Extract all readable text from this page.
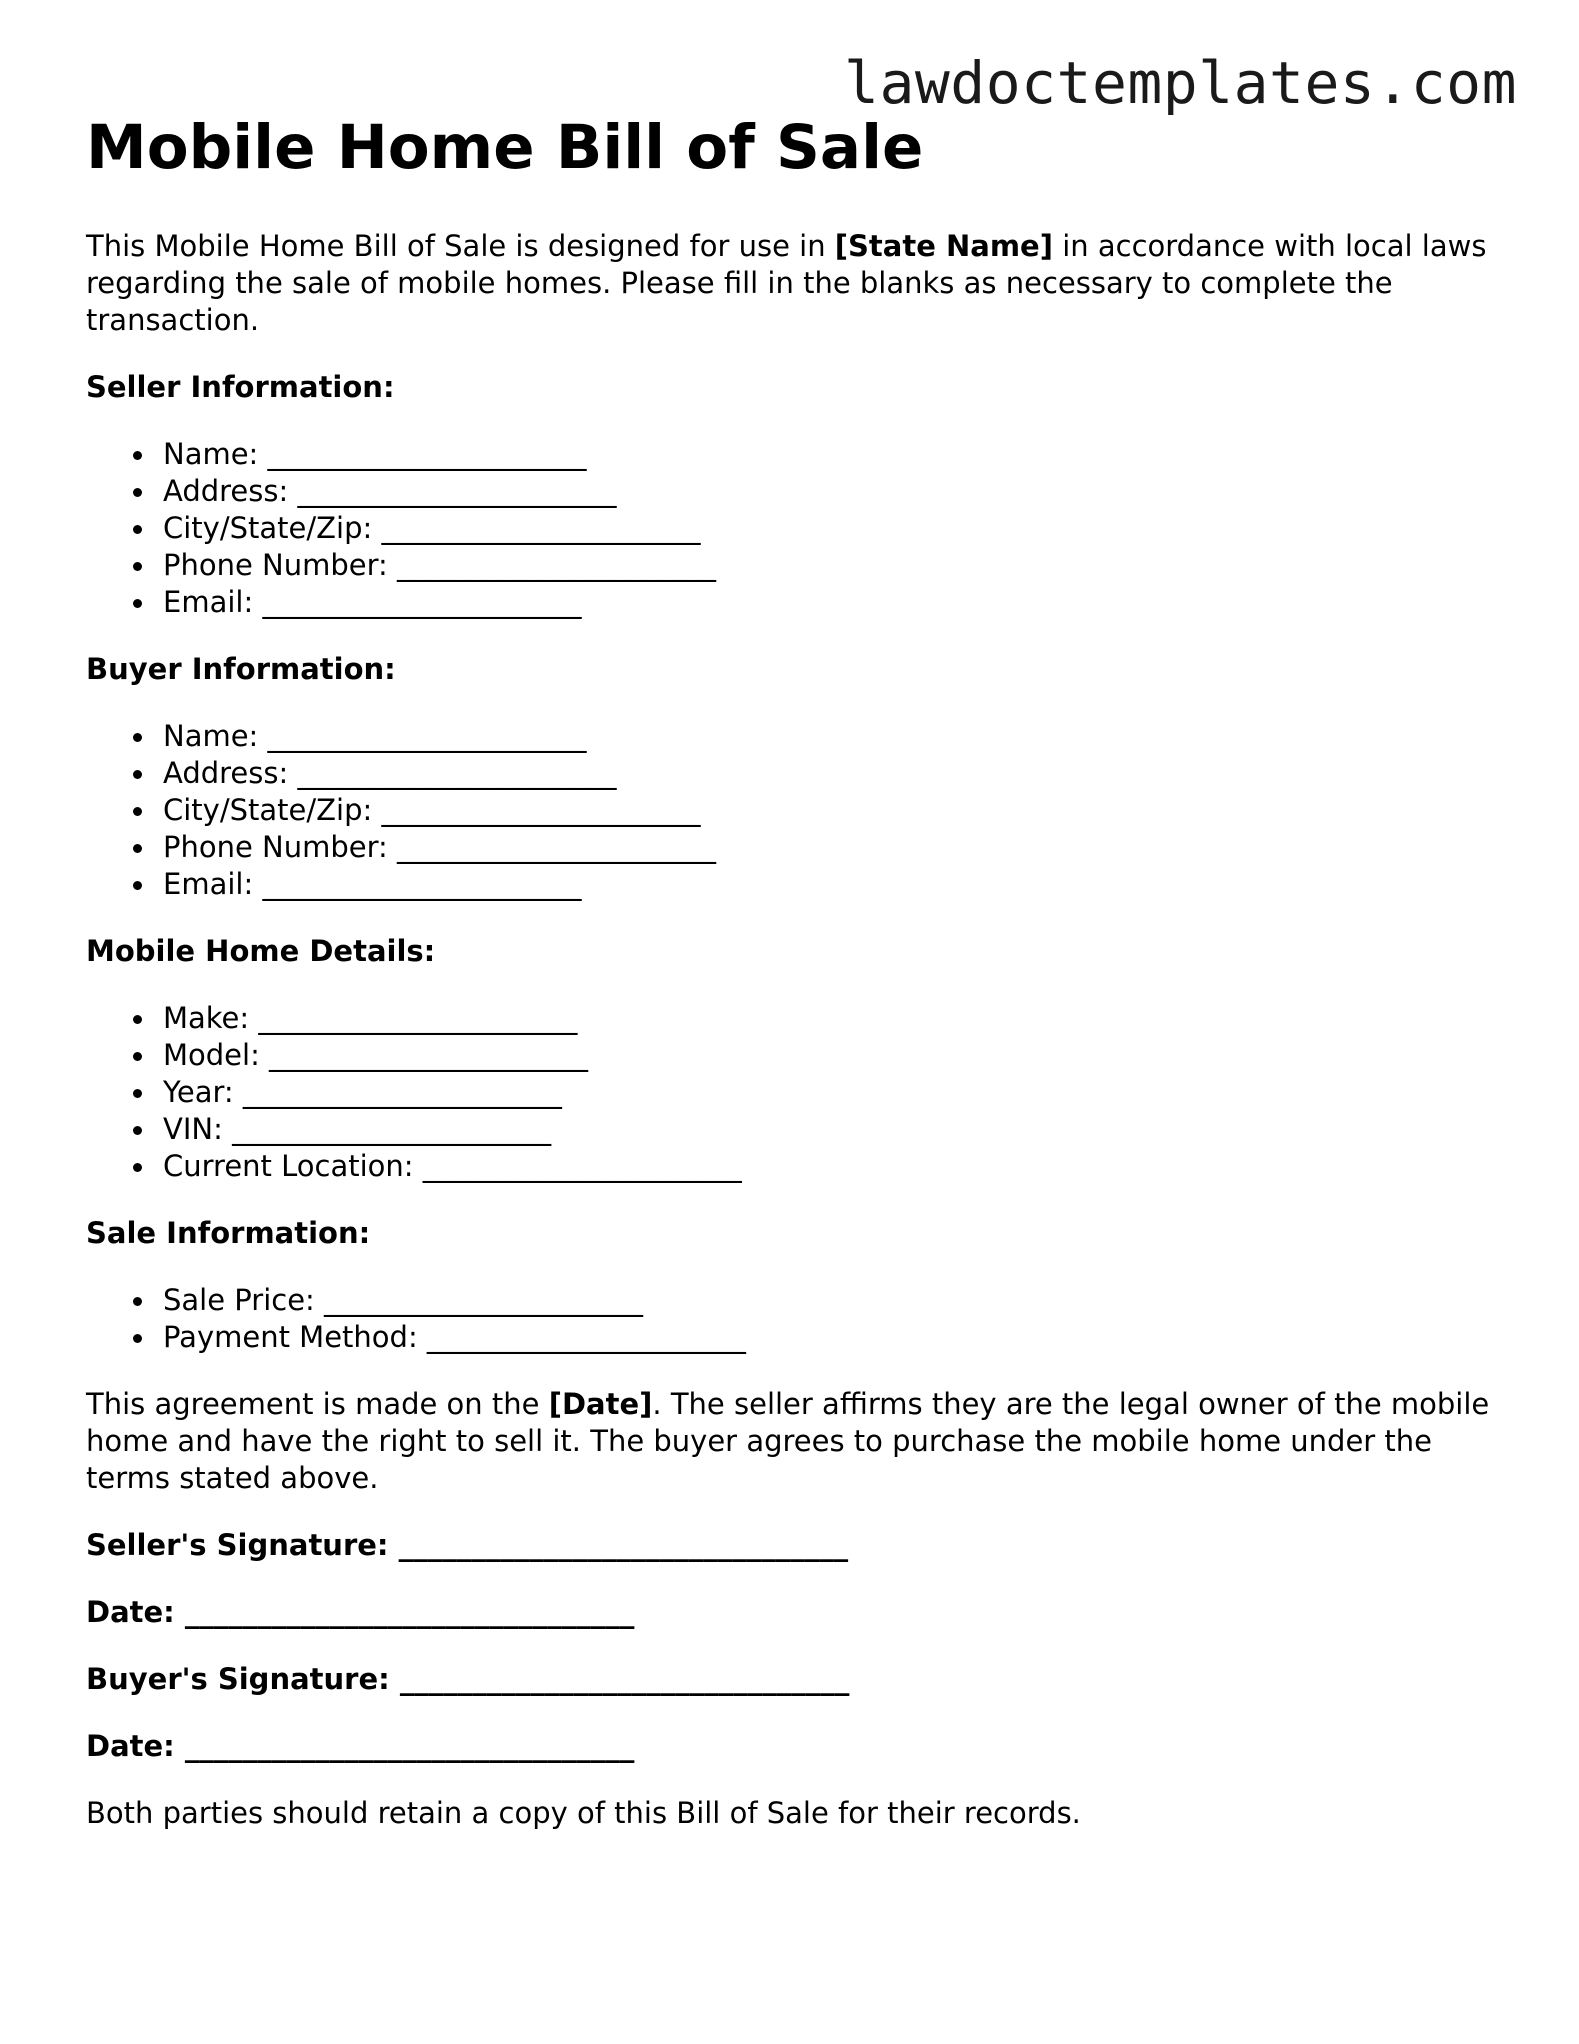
lawdoctemplates.com
Mobile Home Bill of Sale

This Mobile Home Bill of Sale is designed for use in [State Name] in accordance with local laws regarding the sale of mobile homes. Please fill in the blanks as necessary to complete the transaction.

Seller Information:
Name: ______________________
Address: ______________________
City/State/Zip: ______________________
Phone Number: ______________________
Email: ______________________
Buyer Information:
Name: ______________________
Address: ______________________
City/State/Zip: ______________________
Phone Number: ______________________
Email: ______________________
Mobile Home Details:
Make: ______________________
Model: ______________________
Year: ______________________
VIN: ______________________
Current Location: ______________________
Sale Information:
Sale Price: ______________________
Payment Method: ______________________

This agreement is made on the [Date]. The seller affirms they are the legal owner of the mobile home and have the right to sell it. The buyer agrees to purchase the mobile home under the terms stated above.

Seller's Signature: _______________________________
Date: _______________________________
Buyer's Signature: _______________________________
Date: _______________________________

Both parties should retain a copy of this Bill of Sale for their records.
